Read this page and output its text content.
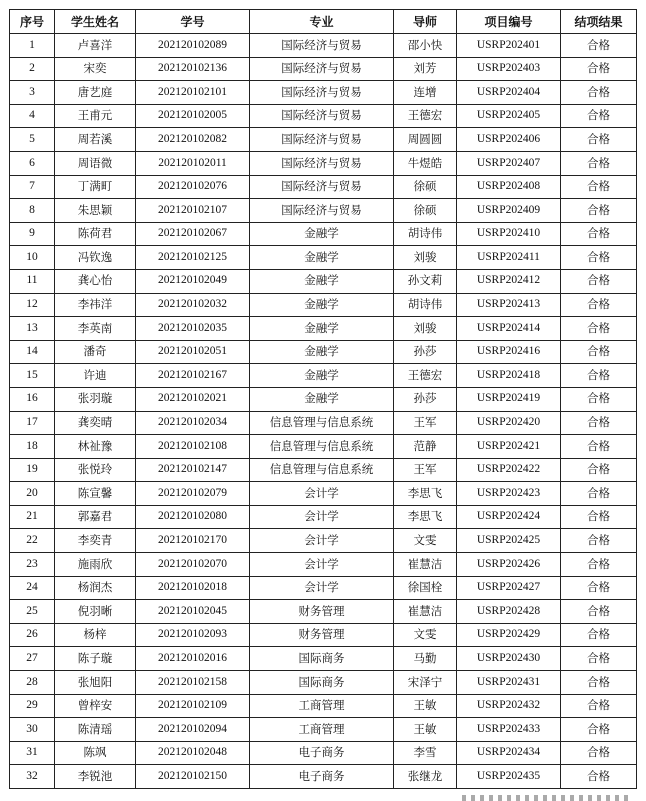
序号	学生姓名	学号	专业	导师	项目编号	结项结果
1	卢喜洋	202120102089	国际经济与贸易	邵小快	USRP202401	合格
2	宋奕	202120102136	国际经济与贸易	刘芳	USRP202403	合格
3	唐艺庭	202120102101	国际经济与贸易	连增	USRP202404	合格
4	王甫元	202120102005	国际经济与贸易	王德宏	USRP202405	合格
5	周若溪	202120102082	国际经济与贸易	周圆圆	USRP202406	合格
6	周语微	202120102011	国际经济与贸易	牛煜皓	USRP202407	合格
7	丁满町	202120102076	国际经济与贸易	徐硕	USRP202408	合格
8	朱思颖	202120102107	国际经济与贸易	徐硕	USRP202409	合格
9	陈荷君	202120102067	金融学	胡诗伟	USRP202410	合格
10	冯钦逸	202120102125	金融学	刘骏	USRP202411	合格
11	龚心怡	202120102049	金融学	孙文莉	USRP202412	合格
12	李祎洋	202120102032	金融学	胡诗伟	USRP202413	合格
13	李英南	202120102035	金融学	刘骏	USRP202414	合格
14	潘奇	202120102051	金融学	孙莎	USRP202416	合格
15	许迪	202120102167	金融学	王德宏	USRP202418	合格
16	张羽璇	202120102021	金融学	孙莎	USRP202419	合格
17	龚奕晴	202120102034	信息管理与信息系统	王军	USRP202420	合格
18	林祉豫	202120102108	信息管理与信息系统	范静	USRP202421	合格
19	张悦玲	202120102147	信息管理与信息系统	王军	USRP202422	合格
20	陈宣馨	202120102079	会计学	李思飞	USRP202423	合格
21	郭嘉君	202120102080	会计学	李思飞	USRP202424	合格
22	李奕青	202120102170	会计学	文雯	USRP202425	合格
23	施雨欣	202120102070	会计学	崔慧洁	USRP202426	合格
24	杨润杰	202120102018	会计学	徐国栓	USRP202427	合格
25	倪羽晰	202120102045	财务管理	崔慧洁	USRP202428	合格
26	杨梓	202120102093	财务管理	文雯	USRP202429	合格
27	陈子璇	202120102016	国际商务	马勤	USRP202430	合格
28	张旭阳	202120102158	国际商务	宋泽宁	USRP202431	合格
29	曾梓安	202120102109	工商管理	王敏	USRP202432	合格
30	陈清瑶	202120102094	工商管理	王敏	USRP202433	合格
31	陈飒	202120102048	电子商务	李雪	USRP202434	合格
32	李锐池	202120102150	电子商务	张继龙	USRP202435	合格
